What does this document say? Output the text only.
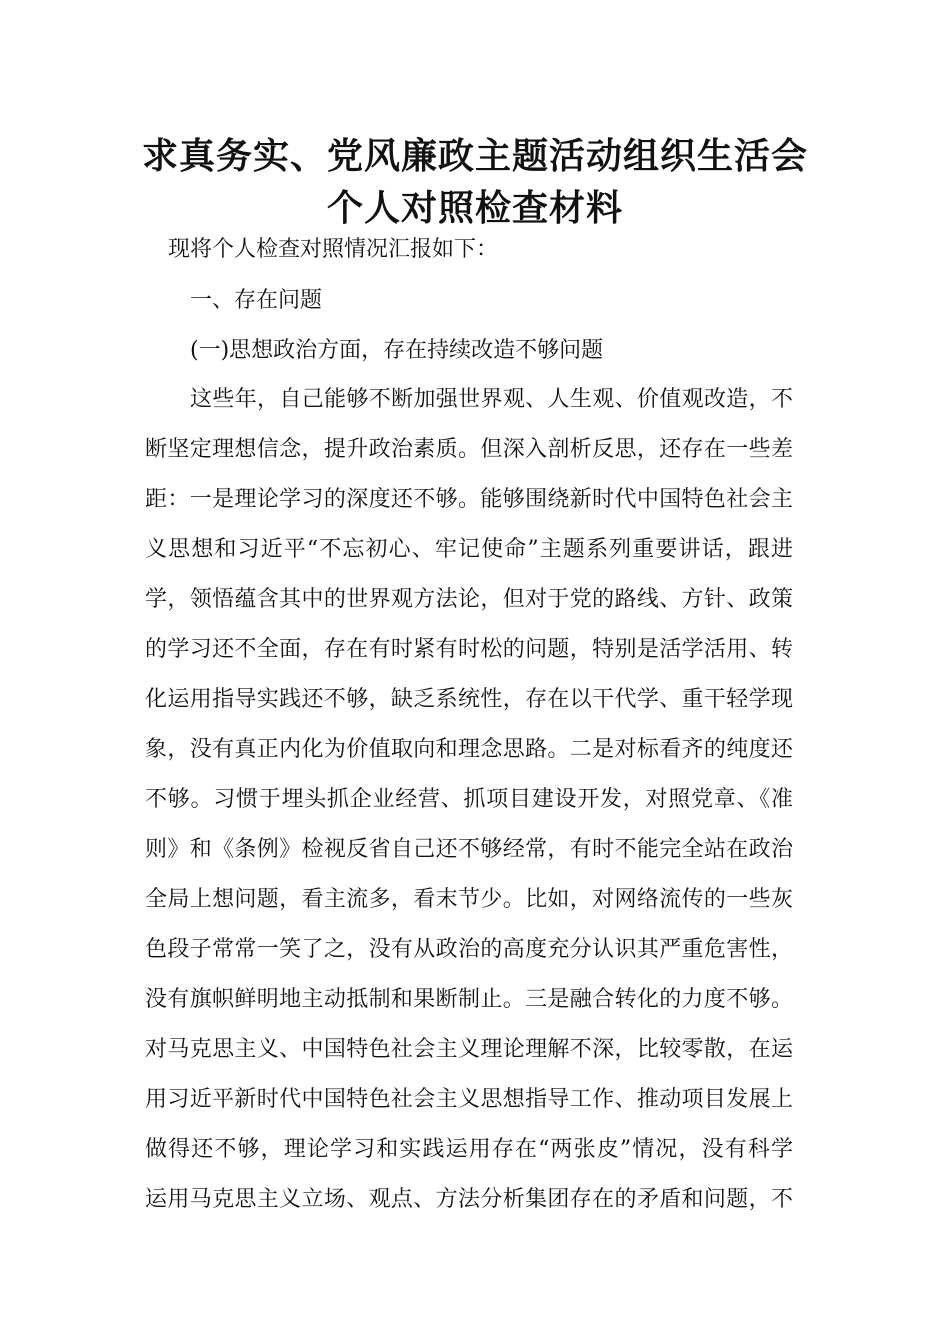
求真务实、党风廉政主题活动组织生活会
个人对照检查材料
现将个人检查对照情况汇报如下：
一、存在问题
(一)思想政治方面，存在持续改造不够问题
这些年，自己能够不断加强世界观、人生观、价值观改造，不
断坚定理想信念，提升政治素质。但深入剖析反思，还存在一些差
距：一是理论学习的深度还不够。能够围绕新时代中国特色社会主
义思想和习近平“不忘初心、牢记使命”主题系列重要讲话，跟进
学，领悟蕴含其中的世界观方法论，但对于党的路线、方针、政策
的学习还不全面，存在有时紧有时松的问题，特别是活学活用、转
化运用指导实践还不够，缺乏系统性，存在以干代学、重干轻学现
象，没有真正内化为价值取向和理念思路。二是对标看齐的纯度还
不够。习惯于埋头抓企业经营、抓项目建设开发，对照党章、《准
则》和《条例》检视反省自己还不够经常，有时不能完全站在政治
全局上想问题，看主流多，看末节少。比如，对网络流传的一些灰
色段子常常一笑了之，没有从政治的高度充分认识其严重危害性，
没有旗帜鲜明地主动抵制和果断制止。三是融合转化的力度不够。
对马克思主义、中国特色社会主义理论理解不深，比较零散，在运
用习近平新时代中国特色社会主义思想指导工作、推动项目发展上
做得还不够，理论学习和实践运用存在“两张皮”情况，没有科学
运用马克思主义立场、观点、方法分析集团存在的矛盾和问题，不
